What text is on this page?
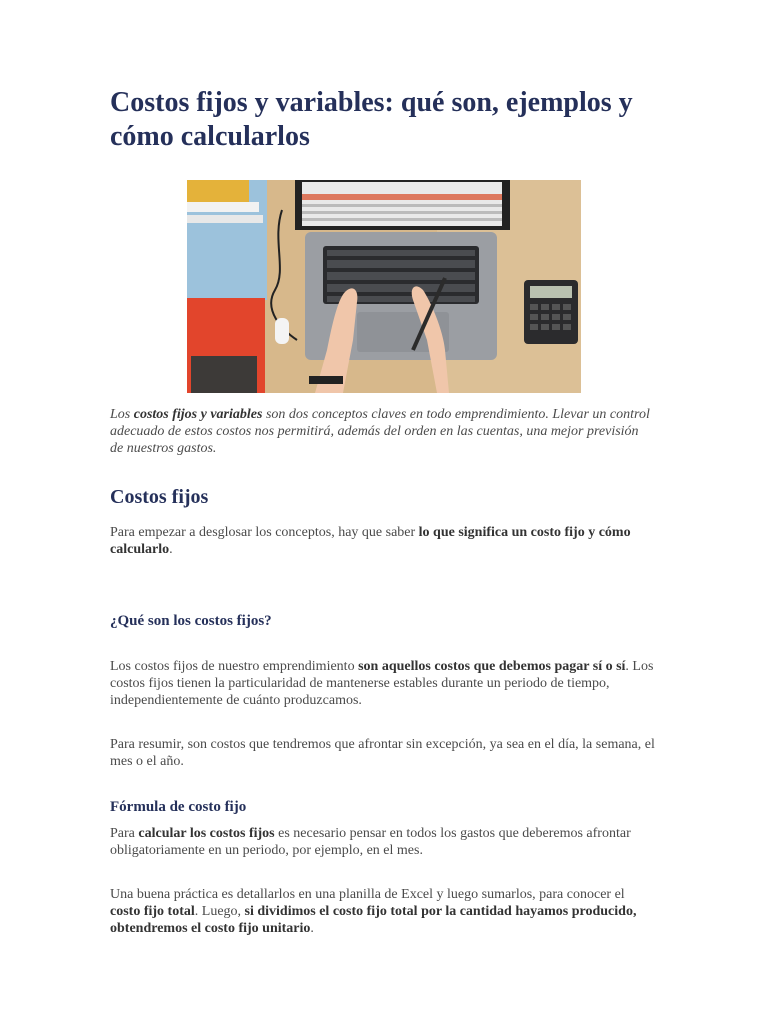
Costos fijos y variables: qué son, ejemplos y cómo calcularlos

Los costos fijos y variables son dos conceptos claves en todo emprendimiento. Llevar un control adecuado de estos costos nos permitirá, además del orden en las cuentas, una mejor previsión de nuestros gastos.

Costos fijos

Para empezar a desglosar los conceptos, hay que saber lo que significa un costo fijo y cómo calcularlo.

¿Qué son los costos fijos?

Los costos fijos de nuestro emprendimiento son aquellos costos que debemos pagar sí o sí. Los costos fijos tienen la particularidad de mantenerse estables durante un periodo de tiempo, independientemente de cuánto produzcamos.

Para resumir, son costos que tendremos que afrontar sin excepción, ya sea en el día, la semana, el mes o el año.

Fórmula de costo fijo

Para calcular los costos fijos es necesario pensar en todos los gastos que deberemos afrontar obligatoriamente en un periodo, por ejemplo, en el mes.

Una buena práctica es detallarlos en una planilla de Excel y luego sumarlos, para conocer el costo fijo total. Luego, si dividimos el costo fijo total por la cantidad hayamos producido, obtendremos el costo fijo unitario.
